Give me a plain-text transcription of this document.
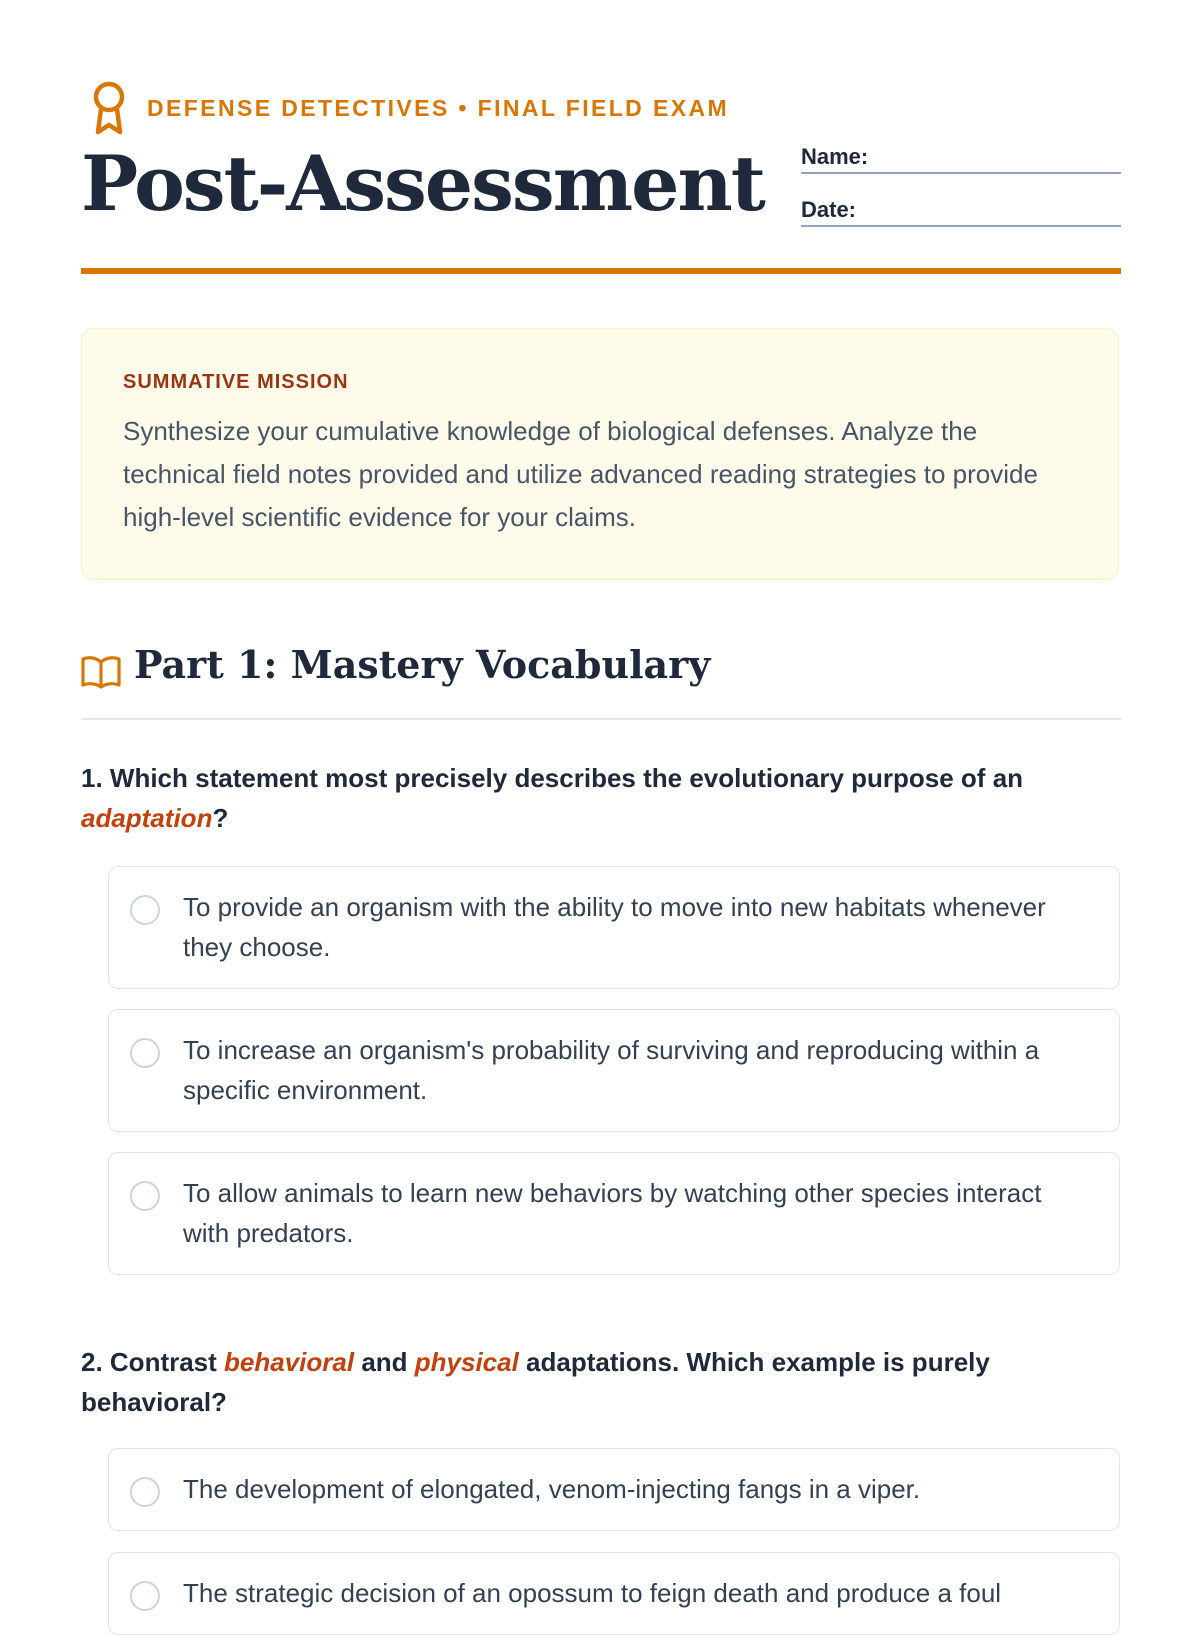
DEFENSE DETECTIVES • FINAL FIELD EXAM
Post-Assessment Name:
Date:
SUMMATIVE MISSION

Synthesize your cumulative knowledge of biological defenses. Analyze the technical field notes provided and utilize advanced reading strategies to provide high-level scientific evidence for your claims.

Part 1: Mastery Vocabulary

1. Which statement most precisely describes the evolutionary purpose of an adaptation?

To provide an organism with the ability to move into new habitats whenever they choose.

To increase an organism's probability of surviving and reproducing within a specific environment.

To allow animals to learn new behaviors by watching other species interact with predators.

2. Contrast behavioral and physical adaptations. Which example is purely behavioral?

The development of elongated, venom-injecting fangs in a viper.

The strategic decision of an opossum to feign death and produce a foul
